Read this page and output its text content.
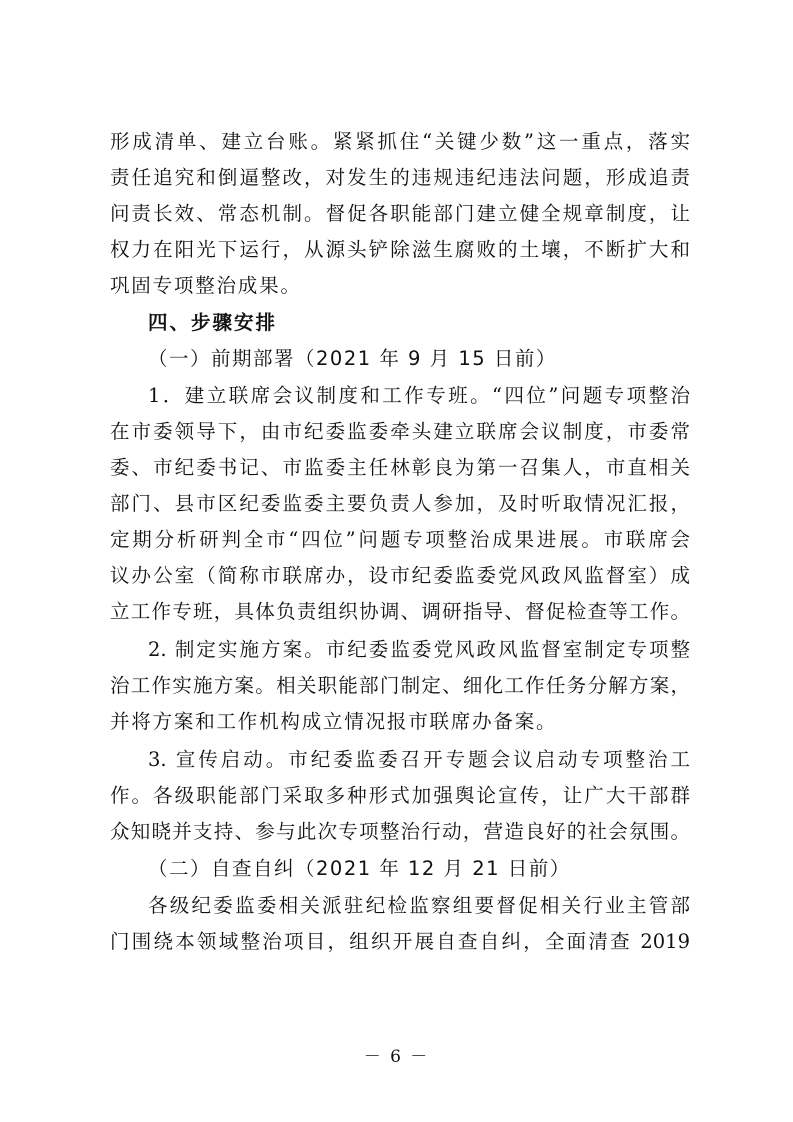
形成清单、建立台账。紧紧抓住“关键少数”这一重点，落实
责任追究和倒逼整改，对发生的违规违纪违法问题，形成追责
问责长效、常态机制。督促各职能部门建立健全规章制度，让
权力在阳光下运行，从源头铲除滋生腐败的土壤，不断扩大和
巩固专项整治成果。
四、步骤安排
（一）前期部署（2021 年 9 月 15 日前）
1．建立联席会议制度和工作专班。“四位”问题专项整治
在市委领导下，由市纪委监委牵头建立联席会议制度，市委常
委、市纪委书记、市监委主任林彰良为第一召集人，市直相关
部门、县市区纪委监委主要负责人参加，及时听取情况汇报，
定期分析研判全市“四位”问题专项整治成果进展。市联席会
议办公室（简称市联席办，设市纪委监委党风政风监督室）成
立工作专班，具体负责组织协调、调研指导、督促检查等工作。
2. 制定实施方案。市纪委监委党风政风监督室制定专项整
治工作实施方案。相关职能部门制定、细化工作任务分解方案，
并将方案和工作机构成立情况报市联席办备案。
3. 宣传启动。市纪委监委召开专题会议启动专项整治工
作。各级职能部门采取多种形式加强舆论宣传，让广大干部群
众知晓并支持、参与此次专项整治行动，营造良好的社会氛围。
（二）自查自纠（2021 年 12 月 21 日前）
各级纪委监委相关派驻纪检监察组要督促相关行业主管部
门围绕本领域整治项目，组织开展自查自纠，全面清查 2019
－ 6 －
